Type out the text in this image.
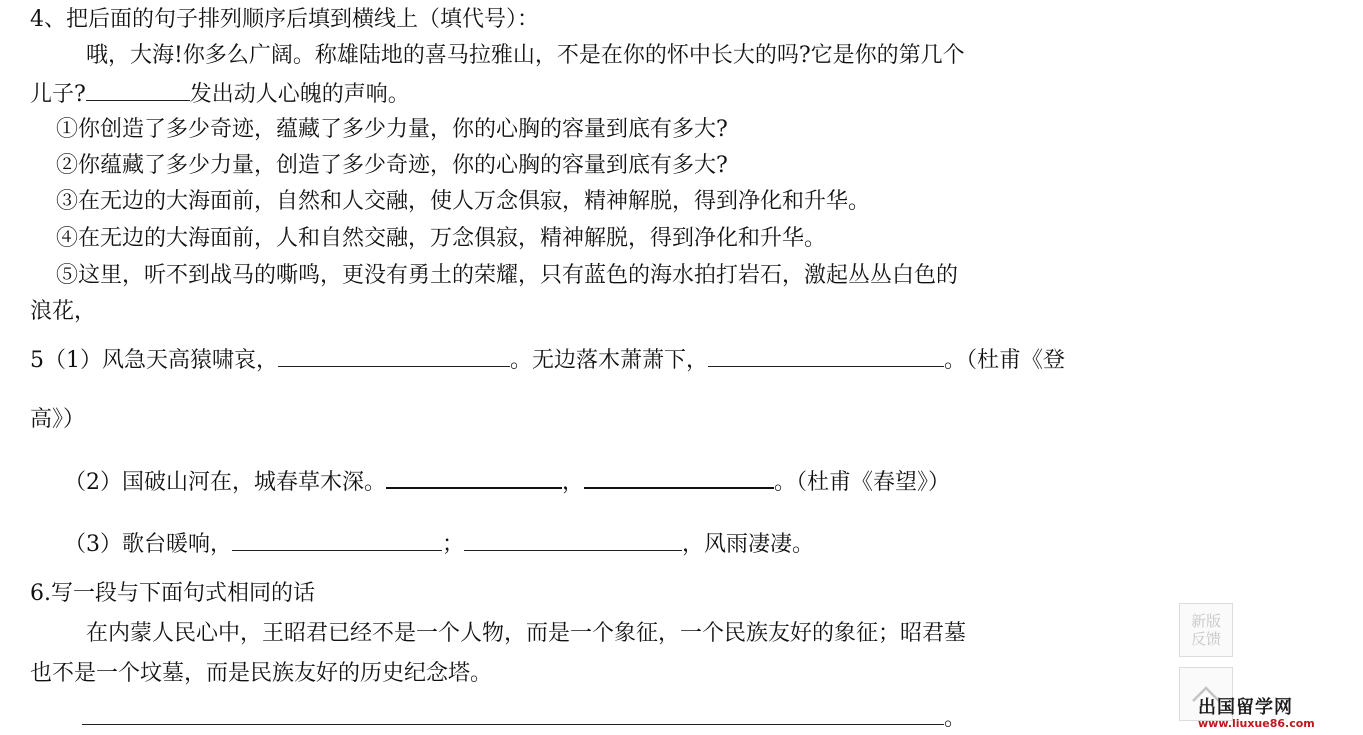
4、把后面的句子排列顺序后填到横线上（填代号）：
哦，大海!你多么广阔。称雄陆地的喜马拉雅山，不是在你的怀中长大的吗?它是你的第几个
儿子?	发出动人心魄的声响。
①你创造了多少奇迹，蕴藏了多少力量，你的心胸的容量到底有多大?
②你蕴藏了多少力量，创造了多少奇迹，你的心胸的容量到底有多大?
③在无边的大海面前，自然和人交融，使人万念俱寂，精神解脱，得到净化和升华。
④在无边的大海面前，人和自然交融，万念俱寂，精神解脱，得到净化和升华。
⑤这里，听不到战马的嘶鸣，更没有勇土的荣耀，只有蓝色的海水拍打岩石，激起丛丛白色的
浪花，
5（1）风急天高猿啸哀，	。无边落木萧萧下，	。（杜甫《登
高》）
（2）国破山河在，城春草木深。	，	。（杜甫《春望》）
（3）歌台暖响，	；	，风雨凄凄。
6.写一段与下面句式相同的话
在内蒙人民心中，王昭君已经不是一个人物，而是一个象征，一个民族友好的象征；昭君墓
也不是一个坟墓，而是民族友好的历史纪念塔。
。
新版反馈
出国留学网
www.liuxue86.com
